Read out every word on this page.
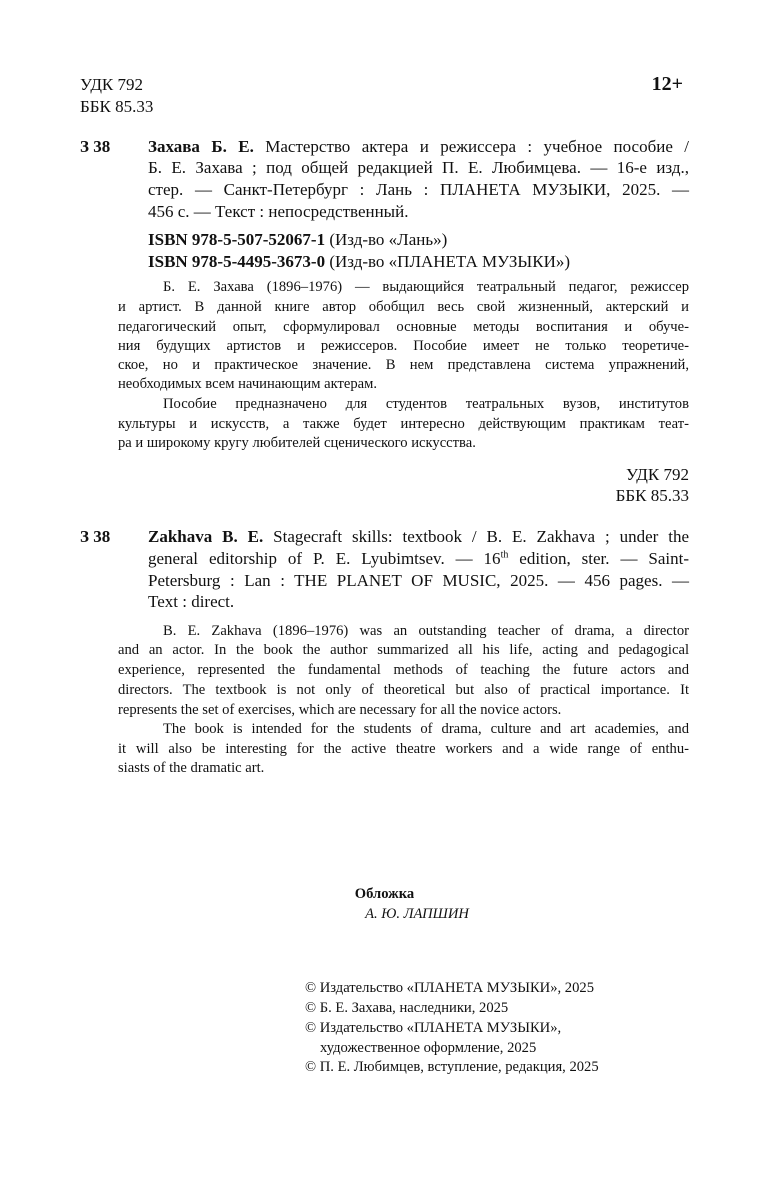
УДК 792
ББК 85.33
12+
З 38 Захава Б. Е. Мастерство актера и режиссера : учебное пособие /
Б. Е. Захава ; под общей редакцией П. Е. Любимцева. — 16-е изд.,
стер. — Санкт-Петербург : Лань : ПЛАНЕТА МУЗЫКИ, 2025. —
456 с. — Текст : непосредственный.
ISBN 978-5-507-52067-1 (Изд-во «Лань»)
ISBN 978-5-4495-3673-0 (Изд-во «ПЛАНЕТА МУЗЫКИ»)
Б. Е. Захава (1896–1976) — выдающийся театральный педагог, режиссер
и артист. В данной книге автор обобщил весь свой жизненный, актерский и
педагогический опыт, сформулировал основные методы воспитания и обуче-
ния будущих артистов и режиссеров. Пособие имеет не только теоретиче-
ское, но и практическое значение. В нем представлена система упражнений,
необходимых всем начинающим актерам.
Пособие предназначено для студентов театральных вузов, институтов
культуры и искусств, а также будет интересно действующим практикам теат-
ра и широкому кругу любителей сценического искусства.
УДК 792
ББК 85.33
З 38 Zakhava B. E. Stagecraft skills: textbook / B. E. Zakhava ; under the
general editorship of P. E. Lyubimtsev. — 16th edition, ster. — Saint-
Petersburg : Lan : THE PLANET OF MUSIC, 2025. — 456 pages. —
Text : direct.
B. E. Zakhava (1896–1976) was an outstanding teacher of drama, a director
and an actor. In the book the author summarized all his life, acting and pedagogical
experience, represented the fundamental methods of teaching the future actors and
directors. The textbook is not only of theoretical but also of practical importance. It
represents the set of exercises, which are necessary for all the novice actors.
The book is intended for the students of drama, culture and art academies, and
it will also be interesting for the active theatre workers and a wide range of enthu-
siasts of the dramatic art.
Обложка
А. Ю. ЛАПШИН
© Издательство «ПЛАНЕТА МУЗЫКИ», 2025
© Б. Е. Захава, наследники, 2025
© Издательство «ПЛАНЕТА МУЗЫКИ»,
художественное оформление, 2025
© П. Е. Любимцев, вступление, редакция, 2025
